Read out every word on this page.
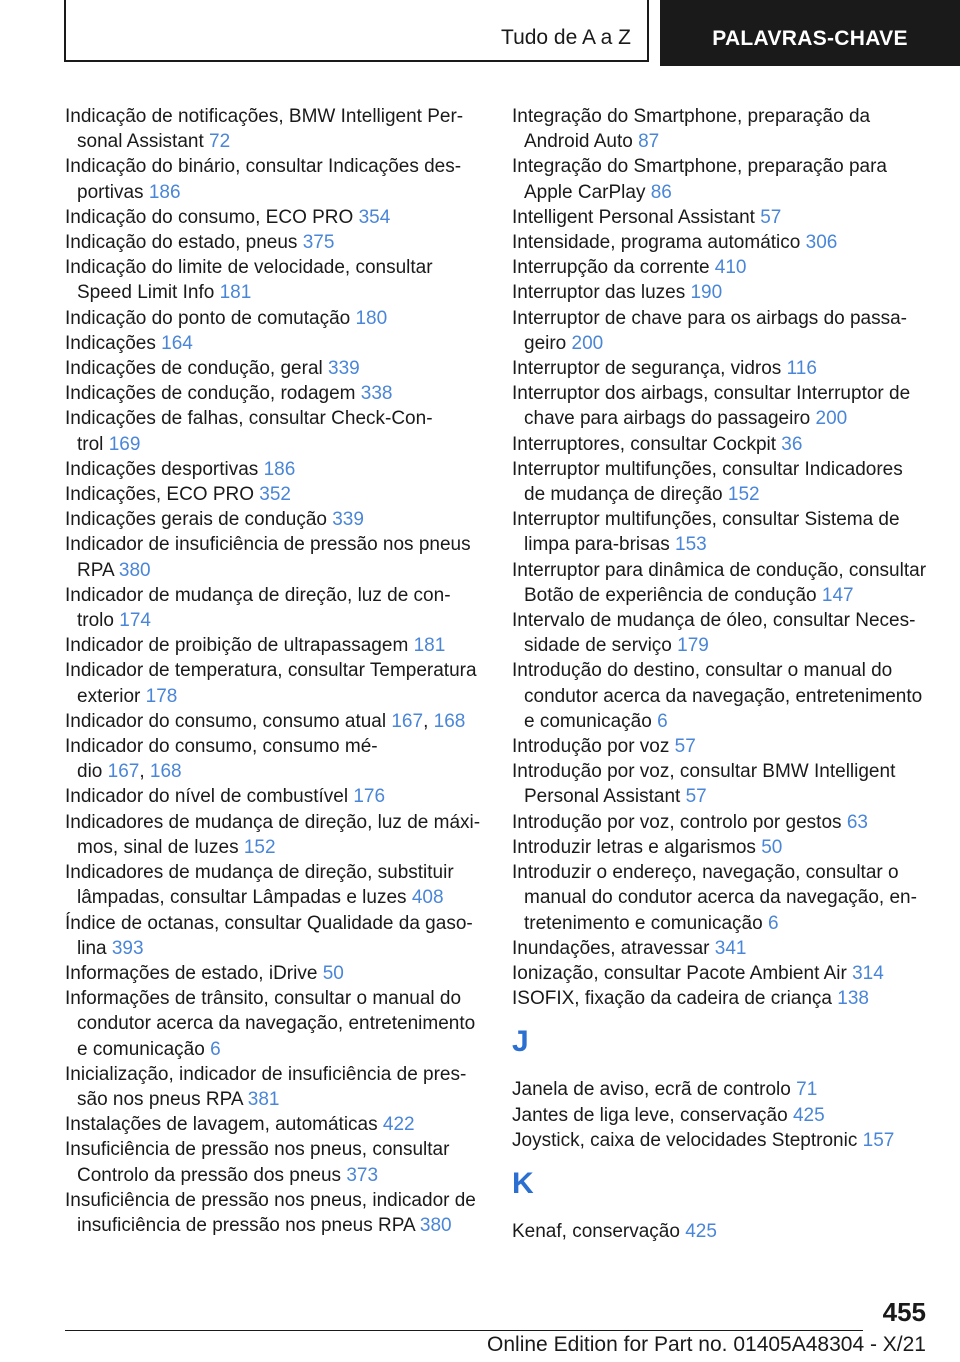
Tudo de A a Z	PALAVRAS-CHAVE
Indicação de notificações, BMW Intelligent Per-
sonal Assistant 72
Indicação do binário, consultar Indicações des-
portivas 186
Indicação do consumo, ECO PRO 354
Indicação do estado, pneus 375
Indicação do limite de velocidade, consultar
Speed Limit Info 181
Indicação do ponto de comutação 180
Indicações 164
Indicações de condução, geral 339
Indicações de condução, rodagem 338
Indicações de falhas, consultar Check-Con-
trol 169
Indicações desportivas 186
Indicações, ECO PRO 352
Indicações gerais de condução 339
Indicador de insuficiência de pressão nos pneus
RPA 380
Indicador de mudança de direção, luz de con-
trolo 174
Indicador de proibição de ultrapassagem 181
Indicador de temperatura, consultar Temperatura
exterior 178
Indicador do consumo, consumo atual 167, 168
Indicador do consumo, consumo mé-
dio 167, 168
Indicador do nível de combustível 176
Indicadores de mudança de direção, luz de máxi-
mos, sinal de luzes 152
Indicadores de mudança de direção, substituir
lâmpadas, consultar Lâmpadas e luzes 408
Índice de octanas, consultar Qualidade da gaso-
lina 393
Informações de estado, iDrive 50
Informações de trânsito, consultar o manual do
condutor acerca da navegação, entretenimento
e comunicação 6
Inicialização, indicador de insuficiência de pres-
são nos pneus RPA 381
Instalações de lavagem, automáticas 422
Insuficiência de pressão nos pneus, consultar
Controlo da pressão dos pneus 373
Insuficiência de pressão nos pneus, indicador de
insuficiência de pressão nos pneus RPA 380
Integração do Smartphone, preparação da
Android Auto 87
Integração do Smartphone, preparação para
Apple CarPlay 86
Intelligent Personal Assistant 57
Intensidade, programa automático 306
Interrupção da corrente 410
Interruptor das luzes 190
Interruptor de chave para os airbags do passa-
geiro 200
Interruptor de segurança, vidros 116
Interruptor dos airbags, consultar Interruptor de
chave para airbags do passageiro 200
Interruptores, consultar Cockpit 36
Interruptor multifunções, consultar Indicadores
de mudança de direção 152
Interruptor multifunções, consultar Sistema de
limpa para-brisas 153
Interruptor para dinâmica de condução, consultar
Botão de experiência de condução 147
Intervalo de mudança de óleo, consultar Neces-
sidade de serviço 179
Introdução do destino, consultar o manual do
condutor acerca da navegação, entretenimento
e comunicação 6
Introdução por voz 57
Introdução por voz, consultar BMW Intelligent
Personal Assistant 57
Introdução por voz, controlo por gestos 63
Introduzir letras e algarismos 50
Introduzir o endereço, navegação, consultar o
manual do condutor acerca da navegação, en-
tretenimento e comunicação 6
Inundações, atravessar 341
Ionização, consultar Pacote Ambient Air 314
ISOFIX, fixação da cadeira de criança 138
J
Janela de aviso, ecrã de controlo 71
Jantes de liga leve, conservação 425
Joystick, caixa de velocidades Steptronic 157
K
Kenaf, conservação 425
455
Online Edition for Part no. 01405A48304 - X/21
